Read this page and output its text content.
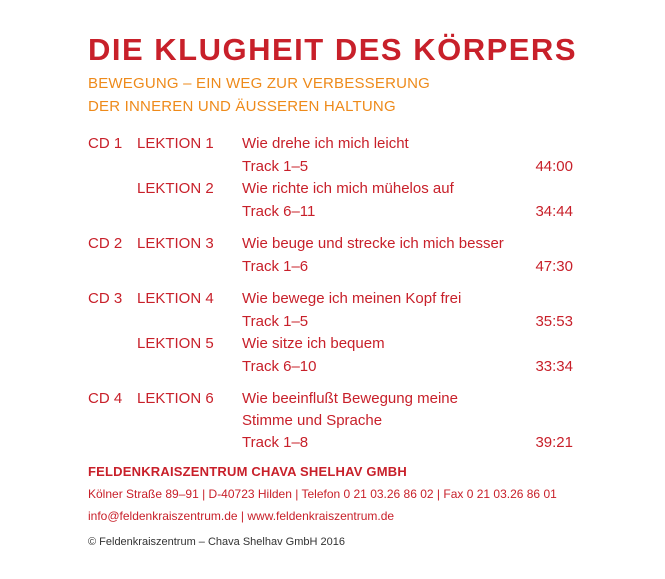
DIE KLUGHEIT DES KÖRPERS
BEWEGUNG – EIN WEG ZUR VERBESSERUNG
DER INNEREN UND ÄUSSEREN HALTUNG
CD 1 LEKTION 1 Wie drehe ich mich leicht
Track 1–5	44:00
LEKTION 2 Wie richte ich mich mühelos auf
Track 6–11	34:44
CD 2 LEKTION 3 Wie beuge und strecke ich mich besser
Track 1–6	47:30
CD 3 LEKTION 4 Wie bewege ich meinen Kopf frei
Track 1–5	35:53
LEKTION 5 Wie sitze ich bequem
Track 6–10	33:34
CD 4 LEKTION 6 Wie beeinflußt Bewegung meine
Stimme und Sprache
Track 1–8	39:21
FELDENKRAISZENTRUM CHAVA SHELHAV GMBH
Kölner Straße 89–91 | D-40723 Hilden | Telefon 0 21 03.26 86 02 | Fax 0 21 03.26 86 01
info@feldenkraiszentrum.de | www.feldenkraiszentrum.de
© Feldenkraiszentrum – Chava Shelhav GmbH 2016
